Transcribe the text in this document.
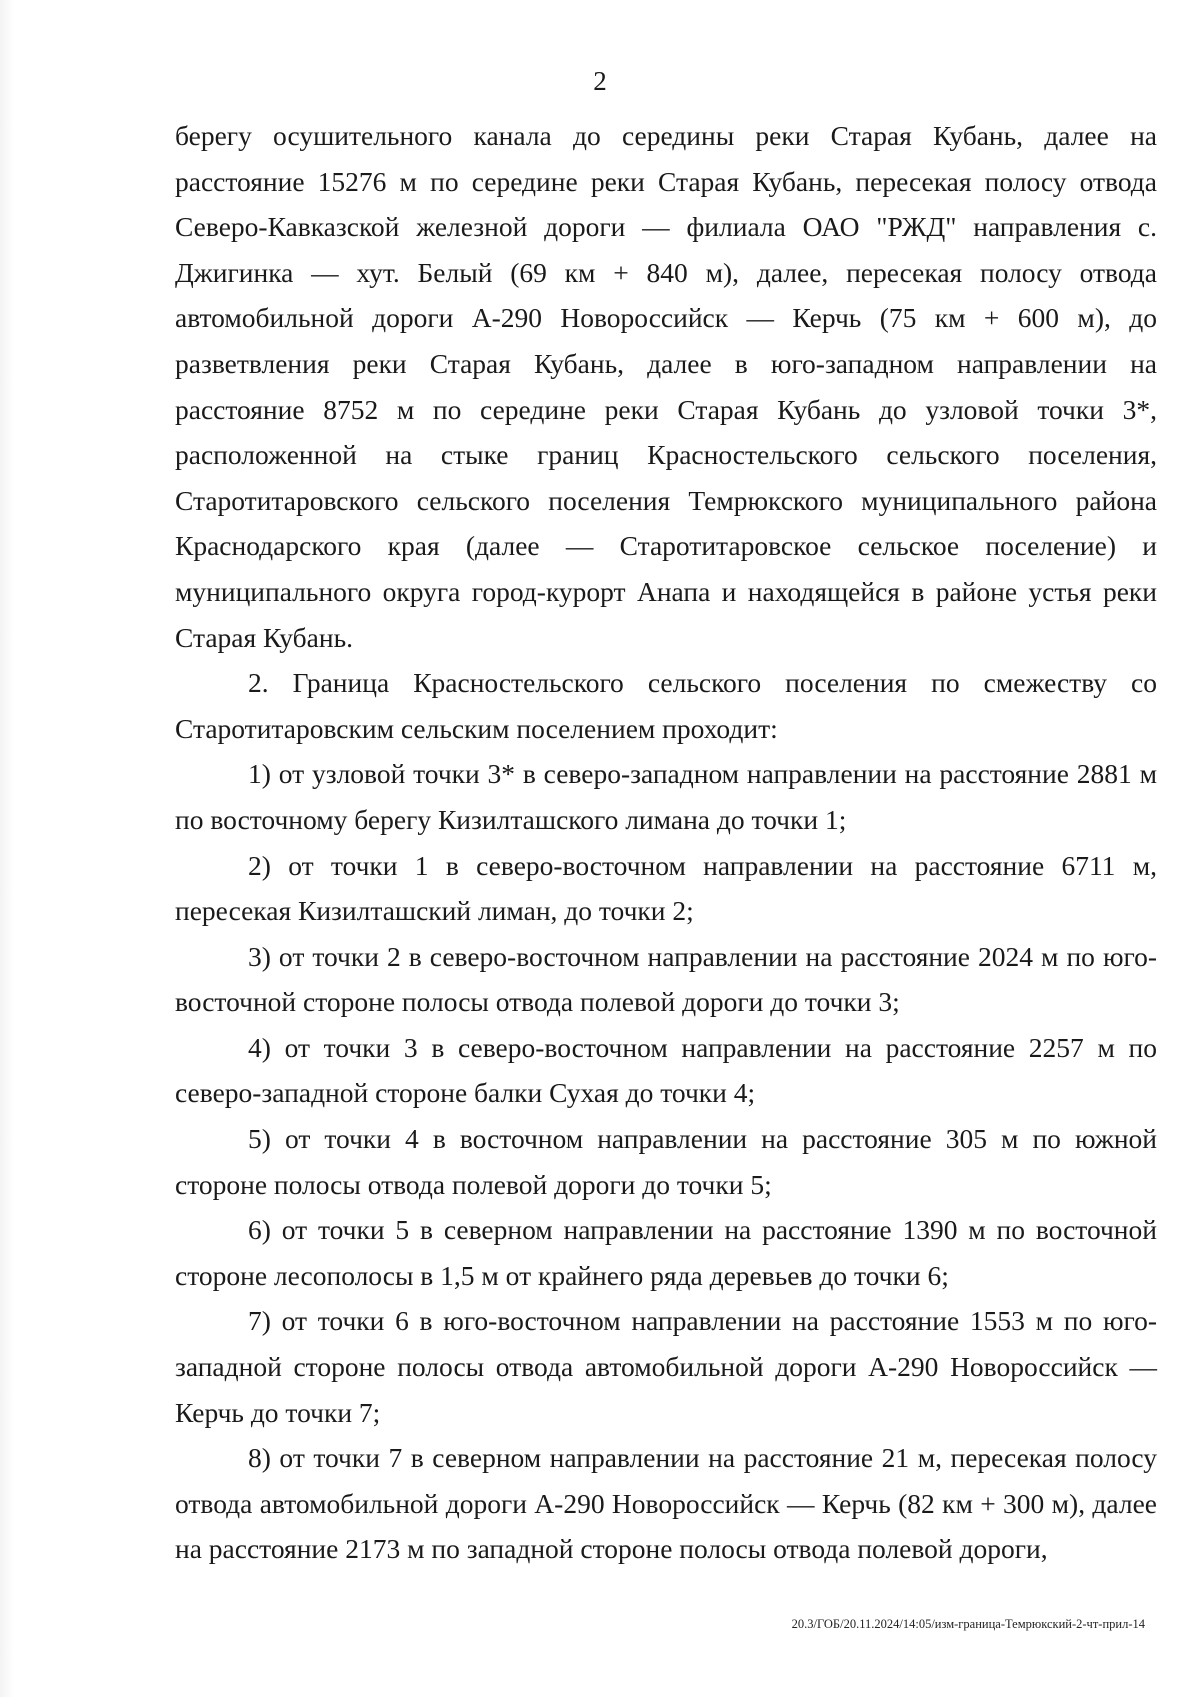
2

берегу осушительного канала до середины реки Старая Кубань, далее на расстояние 15276 м по середине реки Старая Кубань, пересекая полосу отвода Северо-Кавказской железной дороги — филиала ОАО "РЖД" направления с. Джигинка — хут. Белый (69 км + 840 м), далее, пересекая полосу отвода автомобильной дороги А-290 Новороссийск — Керчь (75 км + 600 м), до разветвления реки Старая Кубань, далее в юго-западном направлении на расстояние 8752 м по середине реки Старая Кубань до узловой точки 3*, расположенной на стыке границ Красностельского сельского поселения, Старотитаровского сельского поселения Темрюкского муниципального района Краснодарского края (далее — Старотитаровское сельское поселение) и муниципального округа город-курорт Анапа и находящейся в районе устья реки Старая Кубань.

2. Граница Красностельского сельского поселения по смежеству со Старотитаровским сельским поселением проходит:

1) от узловой точки 3* в северо-западном направлении на расстояние 2881 м по восточному берегу Кизилташского лимана до точки 1;

2) от точки 1 в северо-восточном направлении на расстояние 6711 м, пересекая Кизилташский лиман, до точки 2;

3) от точки 2 в северо-восточном направлении на расстояние 2024 м по юго-восточной стороне полосы отвода полевой дороги до точки 3;

4) от точки 3 в северо-восточном направлении на расстояние 2257 м по северо-западной стороне балки Сухая до точки 4;

5) от точки 4 в восточном направлении на расстояние 305 м по южной стороне полосы отвода полевой дороги до точки 5;

6) от точки 5 в северном направлении на расстояние 1390 м по восточной стороне лесополосы в 1,5 м от крайнего ряда деревьев до точки 6;

7) от точки 6 в юго-восточном направлении на расстояние 1553 м по юго-западной стороне полосы отвода автомобильной дороги А-290 Новороссийск — Керчь до точки 7;

8) от точки 7 в северном направлении на расстояние 21 м, пересекая полосу отвода автомобильной дороги А-290 Новороссийск — Керчь (82 км + 300 м), далее на расстояние 2173 м по западной стороне полосы отвода полевой дороги,

20.3/ГОБ/20.11.2024/14:05/изм-граница-Темрюкский-2-чт-прил-14
